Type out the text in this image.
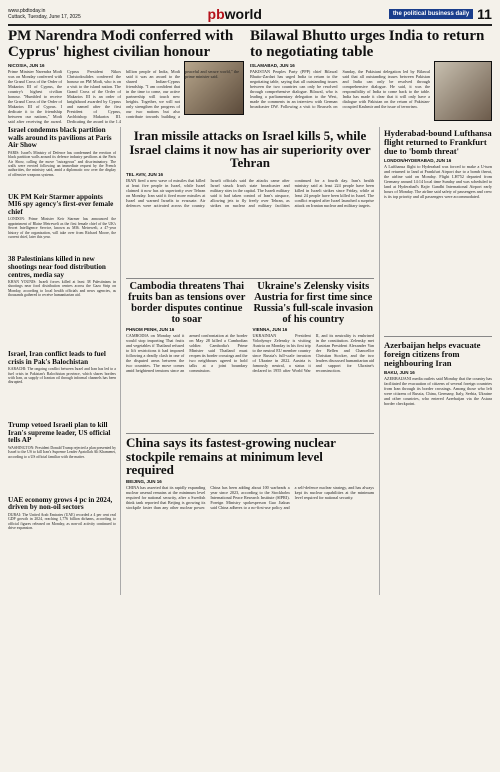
www.pbdtoday.in
Cuttack, Tuesday, June 17, 2025	pbworld	the political business daily 11
PM Narendra Modi conferred with Cyprus' highest civilian honour
NICOSIA, JUN 16
Prime Minister Narendra Modi was on Monday conferred with the Grand Cross of the Order of Makarios III of Cyprus, the country's highest civilian honour. "Humbled to receive the Grand Cross of the Order of Makarios III of Cyprus. I dedicate it to the friendship between our nations," Modi said after receiving the award. Cyprus President Nikos Christodoulides conferred the honour on PM Modi, who is on a visit to the island nation. The Grand Cross of the Order of Makarios III is an order of knighthood awarded by Cyprus and named after the first President of Cyprus, Archbishop Makarios III. Dedicating the award to the 1.4 billion people of India, Modi said it was an award to the shared Indian-Cyprus friendship. "I am confident that in the time to come, our active partnership will touch new heights. Together, we will not only strengthen the progress of our two nations but also contribute towards building a
Bilawal Bhutto urges India to return to negotiating table
ISLAMABAD, JUN 16
PAKISTAN Peoples Party (PPP) chief Bilawal Bhutto-Zardari has urged India to return to the negotiating table, saying that all outstanding issues between the two countries can only be resolved through comprehensive dialogue. Bilawal, who is leading a parliamentary delegation to the West, made the comments in an interview with German broadcaster DW. Following a visit to Brussels on Sunday, the Pakistani delegation led by Bilawal said that all outstanding issues between Pakistan and India can only be resolved through comprehensive dialogue. He said, it was the responsibility of India to come back to the table. India has made it clear that it will only have a dialogue with Pakistan on the return of Pakistan-occupied Kashmir and the issue of terrorism.
Israel condemns black partition walls around its pavilions at Paris Air Show
PARIS: Israel's Ministry of Defence has condemned the erection of black partition walls around its defence industry pavilions at the Paris Air Show, calling the move "outrageous" and discriminatory. The walls were erected following an immediate request by the French authorities, the ministry said, amid a diplomatic row over the display of offensive weapons systems.
UK PM Keir Starmer appoints MI6 spy agency's first-ever female chief
LONDON: Prime Minister Keir Starmer has announced the appointment of Blaise Metreweli as the first female chief of the UK's Secret Intelligence Service, known as MI6. Metreweli, a 47-year history of the organisation, will take over from Richard Moore, the current chief, later this year.
38 Palestinians killed in new shootings near food distribution centres, media say
KHAN YOUNIS: Israeli forces killed at least 38 Palestinians in shootings near food distribution centres across the Gaza Strip on Monday, according to local health officials and news agencies, as thousands gathered to receive humanitarian aid.
Israel, Iran conflict leads to fuel crisis in Pak's Balochistan
KARACHI: The ongoing conflict between Israel and Iran has led to a fuel crisis in Pakistan's Balochistan province, which shares borders with Iran, as supply of Iranian oil through informal channels has been disrupted.
Trump vetoed Israeli plan to kill Iran's supreme leader, US official tells AP
WASHINGTON: President Donald Trump rejected a plan presented by Israel to the US to kill Iran's Supreme Leader Ayatollah Ali Khamenei, according to a US official familiar with the matter.
UAE economy grows 4 pc in 2024, driven by non-oil sectors
DUBAI: The United Arab Emirates (UAE) recorded a 4 per cent real GDP growth in 2024, reaching 1,776 billion dirhams, according to official figures released on Monday, as non-oil activity continued to drive expansion.
Iran missile attacks on Israel kills 5, while Israel claims it now has air superiority over Tehran
TEL AVIV, JUN 16
IRAN fired a new wave of missiles that killed at least five people in Israel, while Israel claimed it now has air superiority over Tehran on Monday. Iran said it fired more missiles at Israel and warned Israelis to evacuate. Air defences were activated across the country. Israeli officials said the attacks came after Israel struck Iran's state broadcaster and military sites in the capital. The Israeli military said it had taken control of Iran's airspace, allowing jets to fly freely over Tehran, as strikes on nuclear and military facilities continued for a fourth day. Iran's health ministry said at least 224 people have been killed in Israeli strikes since Friday, while at least 24 people have been killed in Israel. The conflict erupted after Israel launched a surprise attack on Iranian nuclear and military targets.
Cambodia threatens Thai fruits ban as tensions over border disputes continue to soar
PHNOM PENH, JUN 16
CAMBODIA on Monday said it would stop importing Thai fruits and vegetables if Thailand refused to lift restrictions it had imposed following a deadly clash in one of the disputed areas between the two countries. The move comes amid heightened tensions since an armed confrontation at the border on May 28 killed a Cambodian soldier. Cambodia's Prime Minister said Thailand must reopen its border crossings and the two neighbours agreed to hold talks at a joint boundary commission.
Ukraine's Zelensky visits Austria for first time since Russia's full-scale invasion of his country
VIENNA, JUN 16
UKRAINIAN President Volodymyr Zelensky is visiting Austria on Monday in his first trip to the neutral EU member country since Russia's full-scale invasion of Ukraine in 2022. Austria is famously neutral, a status it declared in 1955 after World War II, and its neutrality is enshrined in the constitution. Zelensky met Austrian President Alexander Van der Bellen and Chancellor Christian Stocker, and the two leaders discussed humanitarian aid and support for Ukraine's reconstruction.
China says its fastest-growing nuclear stockpile remains at minimum level required
BEIJING, JUN 16
CHINA has asserted that its rapidly expanding nuclear arsenal remains at the minimum level required for national security, after a Swedish think tank reported that Beijing is growing its stockpile faster than any other nuclear power. China has been adding about 100 warheads a year since 2023, according to the Stockholm International Peace Research Institute (SIPRI). Foreign Ministry spokesperson Guo Jiakun said China adheres to a no-first-use policy and a self-defence nuclear strategy, and has always kept its nuclear capabilities at the minimum level required for national security.
Hyderabad-bound Lufthansa flight returned to Frankfurt due to 'bomb threat'
LONDON/HYDERABAD, JUN 16
A Lufthansa flight to Hyderabad was forced to make a U-turn and returned to land at Frankfurt Airport due to a bomb threat, the airline said on Monday. Flight LH752 departed from Germany around 14:14 local time Sunday and was scheduled to land at Hyderabad's Rajiv Gandhi International Airport early hours of Monday. The airline said safety of passengers and crew is its top priority and all passengers were accommodated.
Azerbaijan helps evacuate foreign citizens from neighbouring Iran
BAKU, JUN 16
AZERBAIJANI media outlets said Monday that the country has facilitated the evacuation of citizens of several foreign countries from Iran through its border crossings. Among those who left were citizens of Russia, China, Germany, Italy, Serbia, Ukraine and other countries, who entered Azerbaijan via the Astara border checkpoint.
